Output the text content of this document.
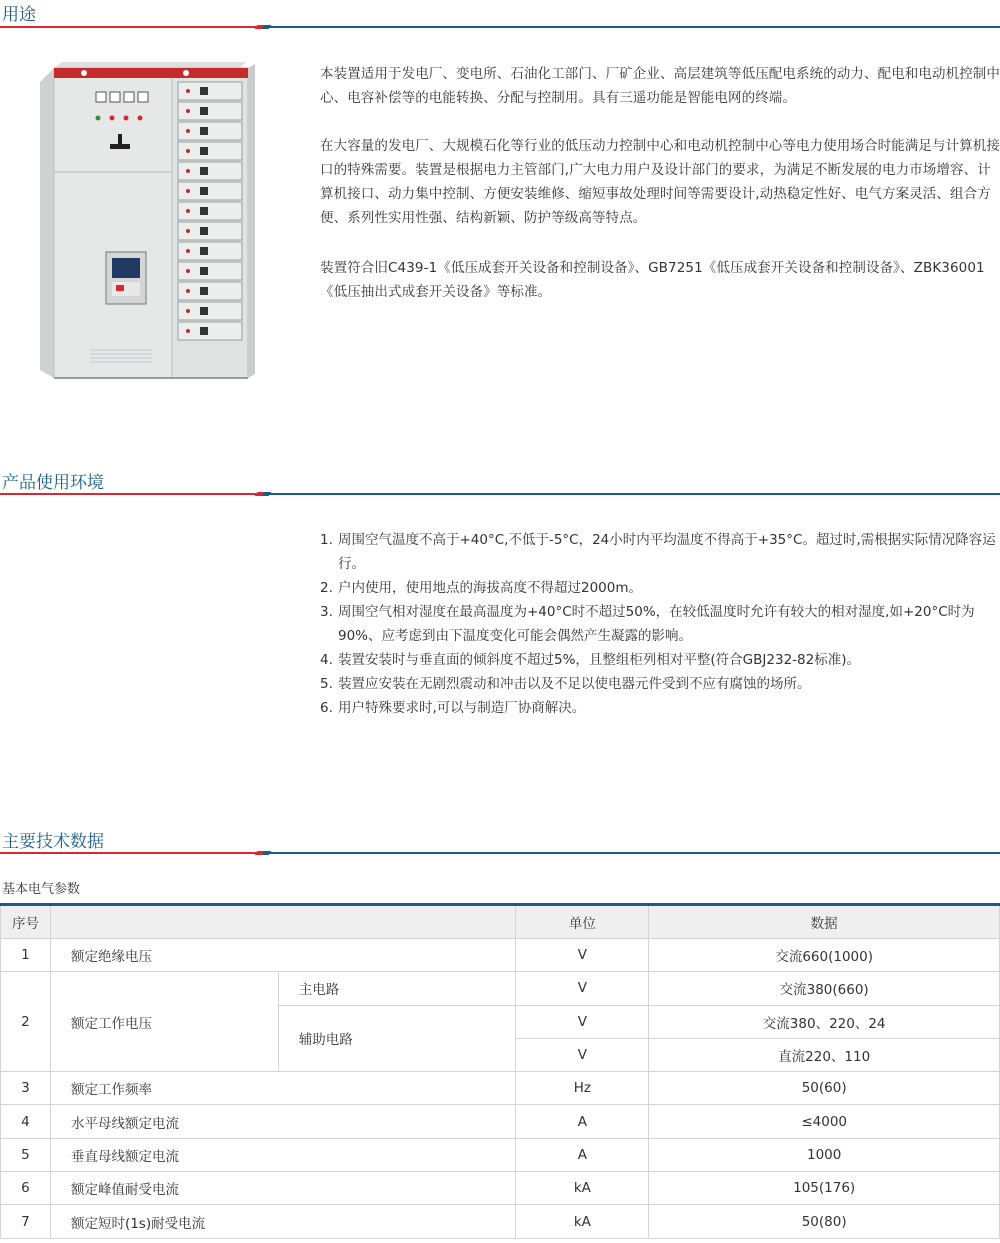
用途
本装置适用于发电厂、变电所、石油化工部门、厂矿企业、高层建筑等低压配电系统的动力、配电和电动机控制中心、电容补偿等的电能转换、分配与控制用。具有三遥功能是智能电网的终端。
在大容量的发电厂、大规模石化等行业的低压动力控制中心和电动机控制中心等电力使用场合时能满足与计算机接口的特殊需要。装置是根据电力主管部门,广大电力用户及设计部门的要求，为满足不断发展的电力市场增容、计算机接口、动力集中控制、方便安装维修、缩短事故处理时间等需要设计,动热稳定性好、电气方案灵活、组合方便、系列性实用性强、结构新颖、防护等级高等特点。
装置符合旧C439-1《低压成套开关设备和控制设备》、GB7251《低压成套开关设备和控制设备》、ZBK36001《低压抽出式成套开关设备》等标准。
产品使用环境
1. 周围空气温度不高于+40°C,不低于-5°C，24小时内平均温度不得高于+35°C。超过时,需根据实际情况降容运行。
2. 户内使用，使用地点的海拔高度不得超过2000m。
3. 周围空气相对湿度在最高温度为+40°C时不超过50%，在较低温度时允许有较大的相对湿度,如+20°C时为90%、应考虑到由下温度变化可能会偶然产生凝露的影响。
4. 装置安装时与垂直面的倾斜度不超过5%，且整组柜列相对平整(符合GBJ232-82标准)。
5. 装置应安装在无剧烈震动和冲击以及不足以使电器元件受到不应有腐蚀的场所。
6. 用户特殊要求时,可以与制造厂协商解决。
主要技术数据
基本电气参数
序号			单位	数据
1	额定绝缘电压		V	交流660(1000)
2	额定工作电压	主电路	V	交流380(660)
		辅助电路	V	交流380、220、24
			V	直流220、110
3	额定工作频率		Hz	50(60)
4	水平母线额定电流		A	≤4000
5	垂直母线额定电流		A	1000
6	额定峰值耐受电流		kA	105(176)
7	额定短时(1s)耐受电流		kA	50(80)
